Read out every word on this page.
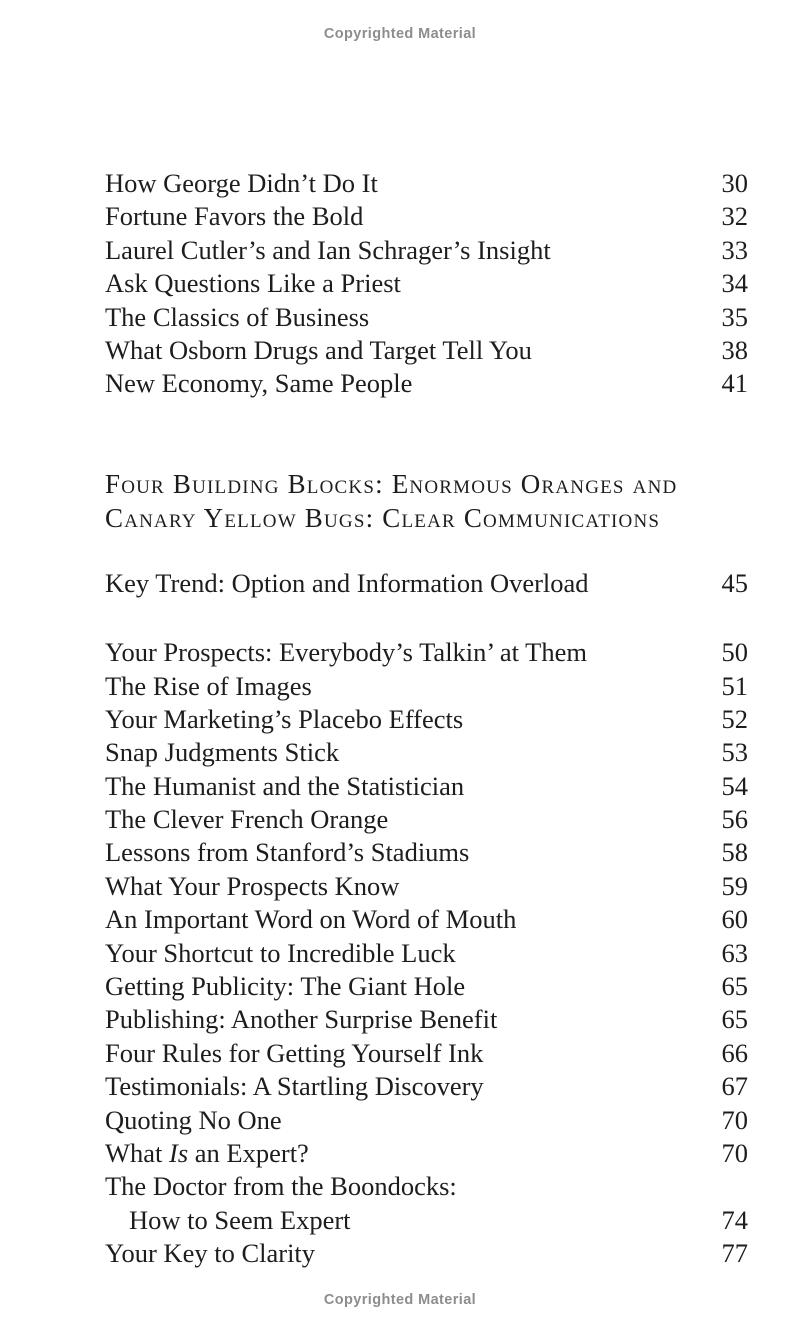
Copyrighted Material
How George Didn’t Do It	30
Fortune Favors the Bold	32
Laurel Cutler’s and Ian Schrager’s Insight	33
Ask Questions Like a Priest	34
The Classics of Business	35
What Osborn Drugs and Target Tell You	38
New Economy, Same People	41
Four Building Blocks: Enormous Oranges and
Canary Yellow Bugs: Clear Communications
Key Trend: Option and Information Overload	45
Your Prospects: Everybody’s Talkin’ at Them	50
The Rise of Images	51
Your Marketing’s Placebo Effects	52
Snap Judgments Stick	53
The Humanist and the Statistician	54
The Clever French Orange	56
Lessons from Stanford’s Stadiums	58
What Your Prospects Know	59
An Important Word on Word of Mouth	60
Your Shortcut to Incredible Luck	63
Getting Publicity: The Giant Hole	65
Publishing: Another Surprise Benefit	65
Four Rules for Getting Yourself Ink	66
Testimonials: A Startling Discovery	67
Quoting No One	70
What Is an Expert?	70
The Doctor from the Boondocks:
How to Seem Expert	74
Your Key to Clarity	77
Copyrighted Material
